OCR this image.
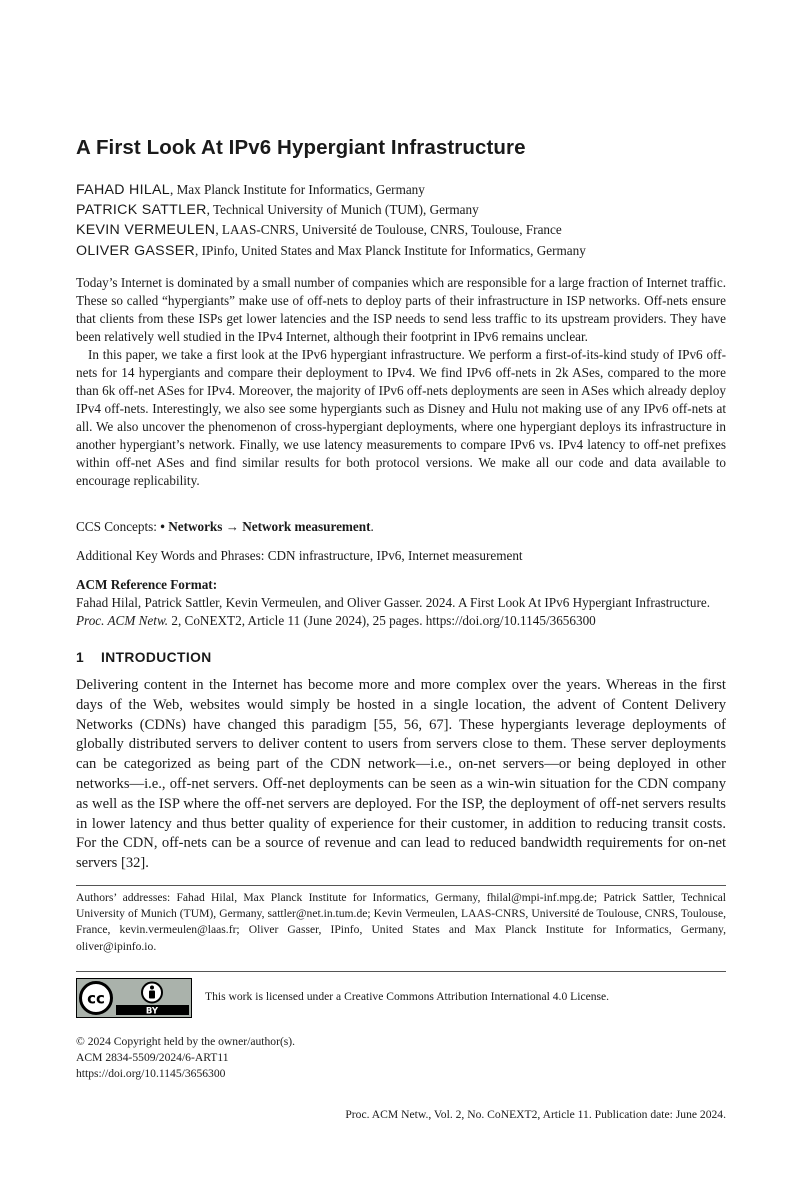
A First Look At IPv6 Hypergiant Infrastructure
FAHAD HILAL, Max Planck Institute for Informatics, Germany
PATRICK SATTLER, Technical University of Munich (TUM), Germany
KEVIN VERMEULEN, LAAS-CNRS, Université de Toulouse, CNRS, Toulouse, France
OLIVER GASSER, IPinfo, United States and Max Planck Institute for Informatics, Germany

Today’s Internet is dominated by a small number of companies which are responsible for a large fraction of Internet traffic. These so called “hypergiants” make use of off-nets to deploy parts of their infrastructure in ISP networks. Off-nets ensure that clients from these ISPs get lower latencies and the ISP needs to send less traffic to its upstream providers. They have been relatively well studied in the IPv4 Internet, although their footprint in IPv6 remains unclear.

In this paper, we take a first look at the IPv6 hypergiant infrastructure. We perform a first-of-its-kind study of IPv6 off-nets for 14 hypergiants and compare their deployment to IPv4. We find IPv6 off-nets in 2k ASes, compared to the more than 6k off-net ASes for IPv4. Moreover, the majority of IPv6 off-nets deployments are seen in ASes which already deploy IPv4 off-nets. Interestingly, we also see some hypergiants such as Disney and Hulu not making use of any IPv6 off-nets at all. We also uncover the phenomenon of cross-hypergiant deployments, where one hypergiant deploys its infrastructure in another hypergiant’s network. Finally, we use latency measurements to compare IPv6 vs. IPv4 latency to off-net prefixes within off-net ASes and find similar results for both protocol versions. We make all our code and data available to encourage replicability.

CCS Concepts: • Networks → Network measurement.

Additional Key Words and Phrases: CDN infrastructure, IPv6, Internet measurement

ACM Reference Format:
Fahad Hilal, Patrick Sattler, Kevin Vermeulen, and Oliver Gasser. 2024. A First Look At IPv6 Hypergiant Infrastructure. Proc. ACM Netw. 2, CoNEXT2, Article 11 (June 2024), 25 pages. https://doi.org/10.1145/3656300
1 INTRODUCTION

Delivering content in the Internet has become more and more complex over the years. Whereas in the first days of the Web, websites would simply be hosted in a single location, the advent of Content Delivery Networks (CDNs) have changed this paradigm [55, 56, 67]. These hypergiants leverage deployments of globally distributed servers to deliver content to users from servers close to them. These server deployments can be categorized as being part of the CDN network—i.e., on-net servers—or being deployed in other networks—i.e., off-net servers. Off-net deployments can be seen as a win-win situation for the CDN company as well as the ISP where the off-net servers are deployed. For the ISP, the deployment of off-net servers results in lower latency and thus better quality of experience for their customer, in addition to reducing transit costs. For the CDN, off-nets can be a source of revenue and can lead to reduced bandwidth requirements for on-net servers [32].

Authors’ addresses: Fahad Hilal, Max Planck Institute for Informatics, Germany, fhilal@mpi-inf.mpg.de; Patrick Sattler, Technical University of Munich (TUM), Germany, sattler@net.in.tum.de; Kevin Vermeulen, LAAS-CNRS, Université de Toulouse, CNRS, Toulouse, France, kevin.vermeulen@laas.fr; Oliver Gasser, IPinfo, United States and Max Planck Institute for Informatics, Germany, oliver@ipinfo.io.

cc
BY
This work is licensed under a Creative Commons Attribution International 4.0 License.
© 2024 Copyright held by the owner/author(s).
ACM 2834-5509/2024/6-ART11
https://doi.org/10.1145/3656300
Proc. ACM Netw., Vol. 2, No. CoNEXT2, Article 11. Publication date: June 2024.
